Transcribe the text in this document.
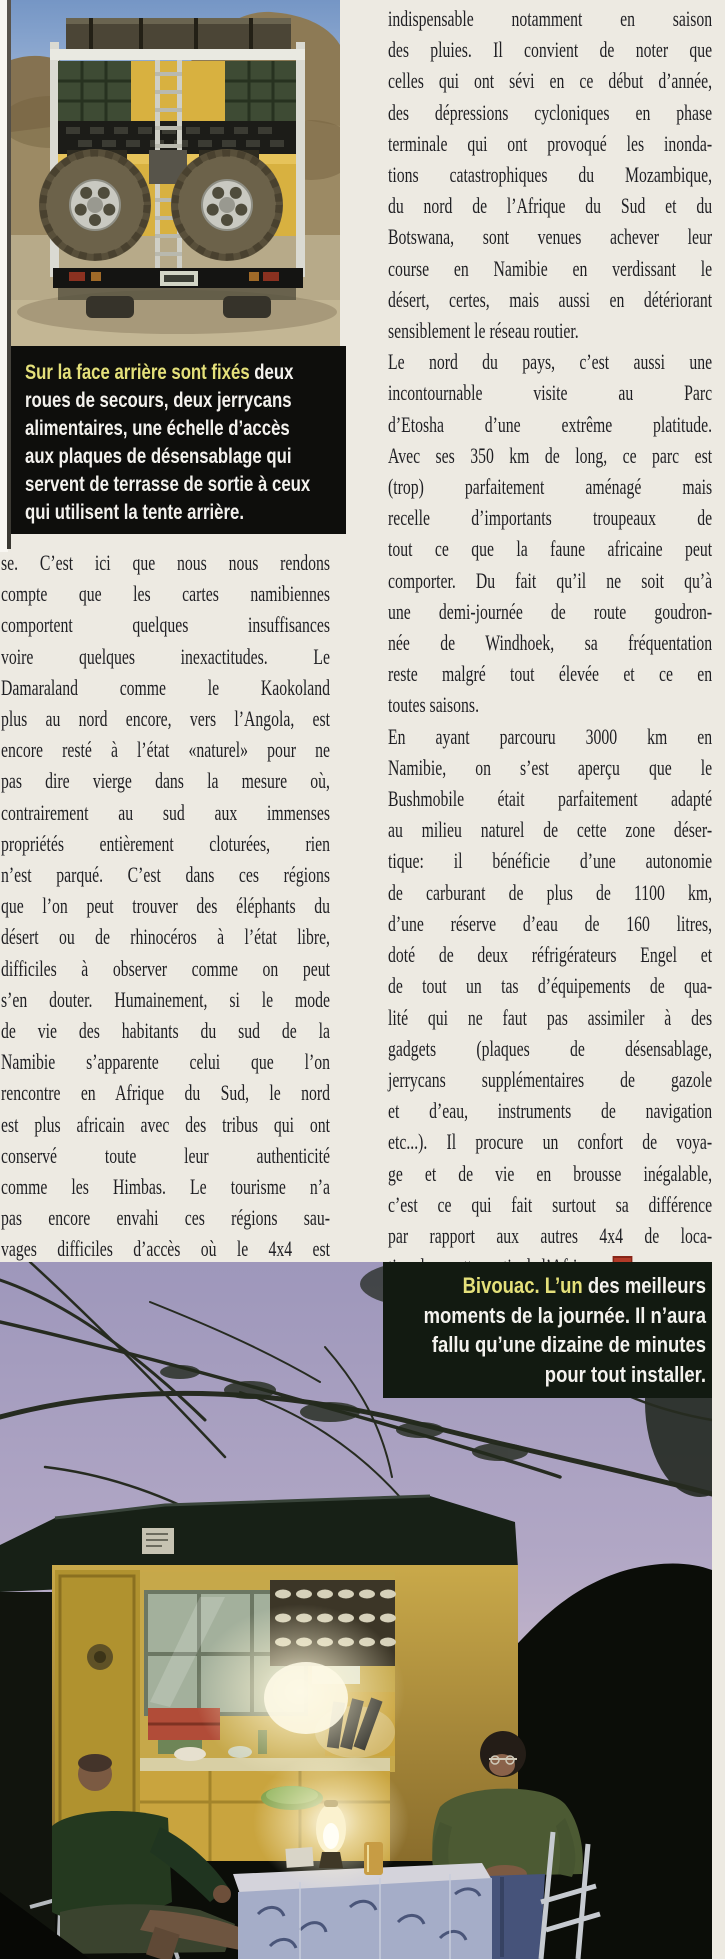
Sur la face arrière sont fixés deux
roues de secours, deux jerrycans
alimentaires, une échelle d’accès
aux plaques de désensablage qui
servent de terrasse de sortie à ceux
qui utilisent la tente arrière.
se. C’est ici que nous nous rendons
compte que les cartes namibiennes
comportent quelques insuffisances
voire quelques inexactitudes. Le
Damaraland comme le Kaokoland
plus au nord encore, vers l’Angola, est
encore resté à l’état «naturel» pour ne
pas dire vierge dans la mesure où,
contrairement au sud aux immenses
propriétés entièrement cloturées, rien
n’est parqué. C’est dans ces régions
que l’on peut trouver des éléphants du
désert ou de rhinocéros à l’état libre,
difficiles à observer comme on peut
s’en douter. Humainement, si le mode
de vie des habitants du sud de la
Namibie s’apparente celui que l’on
rencontre en Afrique du Sud, le nord
est plus africain avec des tribus qui ont
conservé toute leur authenticité
comme les Himbas. Le tourisme n’a
pas encore envahi ces régions sau-
vages difficiles d’accès où le 4x4 est
indispensable notamment en saison
des pluies. Il convient de noter que
celles qui ont sévi en ce début d’année,
des dépressions cycloniques en phase
terminale qui ont provoqué les inonda-
tions catastrophiques du Mozambique,
du nord de l’Afrique du Sud et du
Botswana, sont venues achever leur
course en Namibie en verdissant le
désert, certes, mais aussi en détériorant
sensiblement le réseau routier.
Le nord du pays, c’est aussi une
incontournable visite au Parc
d’Etosha d’une extrême platitude.
Avec ses 350 km de long, ce parc est
(trop) parfaitement aménagé mais
recelle d’importants troupeaux de
tout ce que la faune africaine peut
comporter. Du fait qu’il ne soit qu’à
une demi-journée de route goudron-
née de Windhoek, sa fréquentation
reste malgré tout élevée et ce en
toutes saisons.
En ayant parcouru 3000 km en
Namibie, on s’est aperçu que le
Bushmobile était parfaitement adapté
au milieu naturel de cette zone déser-
tique: il bénéficie d’une autonomie
de carburant de plus de 1100 km,
d’une réserve d’eau de 160 litres,
doté de deux réfrigérateurs Engel et
de tout un tas d’équipements de qua-
lité qui ne faut pas assimiler à des
gadgets (plaques de désensablage,
jerrycans supplémentaires de gazole
et d’eau, instruments de navigation
etc...). Il procure un confort de voya-
ge et de vie en brousse inégalable,
c’est ce qui fait surtout sa différence
par rapport aux autres 4x4 de loca-
Bivouac. L’un des meilleurs
moments de la journée. Il n’aura
fallu qu’une dizaine de minutes
pour tout installer.
